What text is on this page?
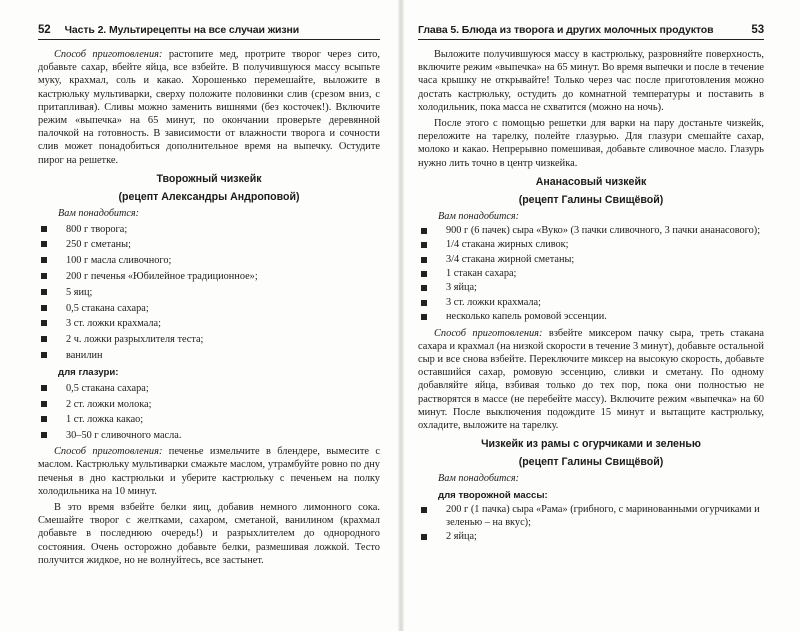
52	Часть 2. Мультирецепты на все случаи жизни

Способ приготовления: растопите мед, протрите творог через сито, добавьте сахар, вбейте яйца, все взбейте. В получившуюся массу всыпьте муку, крахмал, соль и какао. Хорошенько перемешайте, выложите в кастрюльку мультиварки, сверху положите половинки слив (срезом вниз, с притапливая). Сливы можно заменить вишнями (без косточек!). Включите режим «выпечка» на 65 минут, по окончании проверьте деревянной палочкой на готовность. В зависимости от влажности творога и сочности слив может понадобиться дополнительное время на выпечку. Остудите пирог на решетке.

Творожный чизкейк
(рецепт Александры Андроповой)
Вам понадобится:
800 г творога;
250 г сметаны;
100 г масла сливочного;
200 г печенья «Юбилейное традиционное»;
5 яиц;
0,5 стакана сахара;
3 ст. ложки крахмала;
2 ч. ложки разрыхлителя теста;
ванилин
для глазури:
0,5 стакана сахара;
2 ст. ложки молока;
1 ст. ложка какао;
30–50 г сливочного масла.

Способ приготовления: печенье измельчите в блендере, вымесите с маслом. Кастрюльку мультиварки смажьте маслом, утрамбуйте ровно по дну печенья в дно кастрюльки и уберите кастрюльку с печеньем на полку холодильника на 10 минут.

В это время взбейте белки яиц, добавив немного лимонного сока. Смешайте творог с желтками, сахаром, сметаной, ванилином (крахмал добавьте в последнюю очередь!) и разрыхлителем до однородного состояния. Очень осторожно добавьте белки, размешивая ложкой. Тесто получится жидкое, но не волнуйтесь, все застынет.

Глава 5. Блюда из творога и других молочных продуктов	53

Выложите получившуюся массу в кастрюльку, разровняйте поверхность, включите режим «выпечка» на 65 минут. Во время выпечки и после в течение часа крышку не открывайте! Только через час после приготовления можно достать кастрюльку, остудить до комнатной температуры и поставить в холодильник, пока масса не схватится (можно на ночь).

После этого с помощью решетки для варки на пару достаньте чизкейк, переложите на тарелку, полейте глазурью. Для глазури смешайте сахар, молоко и какао. Непрерывно помешивая, добавьте сливочное масло. Глазурь нужно лить точно в центр чизкейка.

Ананасовый чизкейк
(рецепт Галины Свищёвой)
Вам понадобится:
900 г (6 пачек) сыра «Вуко» (3 пачки сливочного, 3 пачки ананасового);
1/4 стакана жирных сливок;
3/4 стакана жирной сметаны;
1 стакан сахара;
3 яйца;
3 ст. ложки крахмала;
несколько капель ромовой эссенции.

Способ приготовления: взбейте миксером пачку сыра, треть стакана сахара и крахмал (на низкой скорости в течение 3 минут), добавьте остальной сыр и все снова взбейте. Переключите миксер на высокую скорость, добавьте оставшийся сахар, ромовую эссенцию, сливки и сметану. По одному добавляйте яйца, взбивая только до тех пор, пока они полностью не растворятся в массе (не перебейте массу). Включите режим «выпечка» на 60 минут. После выключения подождите 15 минут и вытащите кастрюльку, охладите, выложите на тарелку.

Чизкейк из рамы с огурчиками и зеленью
(рецепт Галины Свищёвой)
Вам понадобится:
для творожной массы:
200 г (1 пачка) сыра «Рама» (грибного, с маринованными огурчиками и зеленью – на вкус);
2 яйца;
